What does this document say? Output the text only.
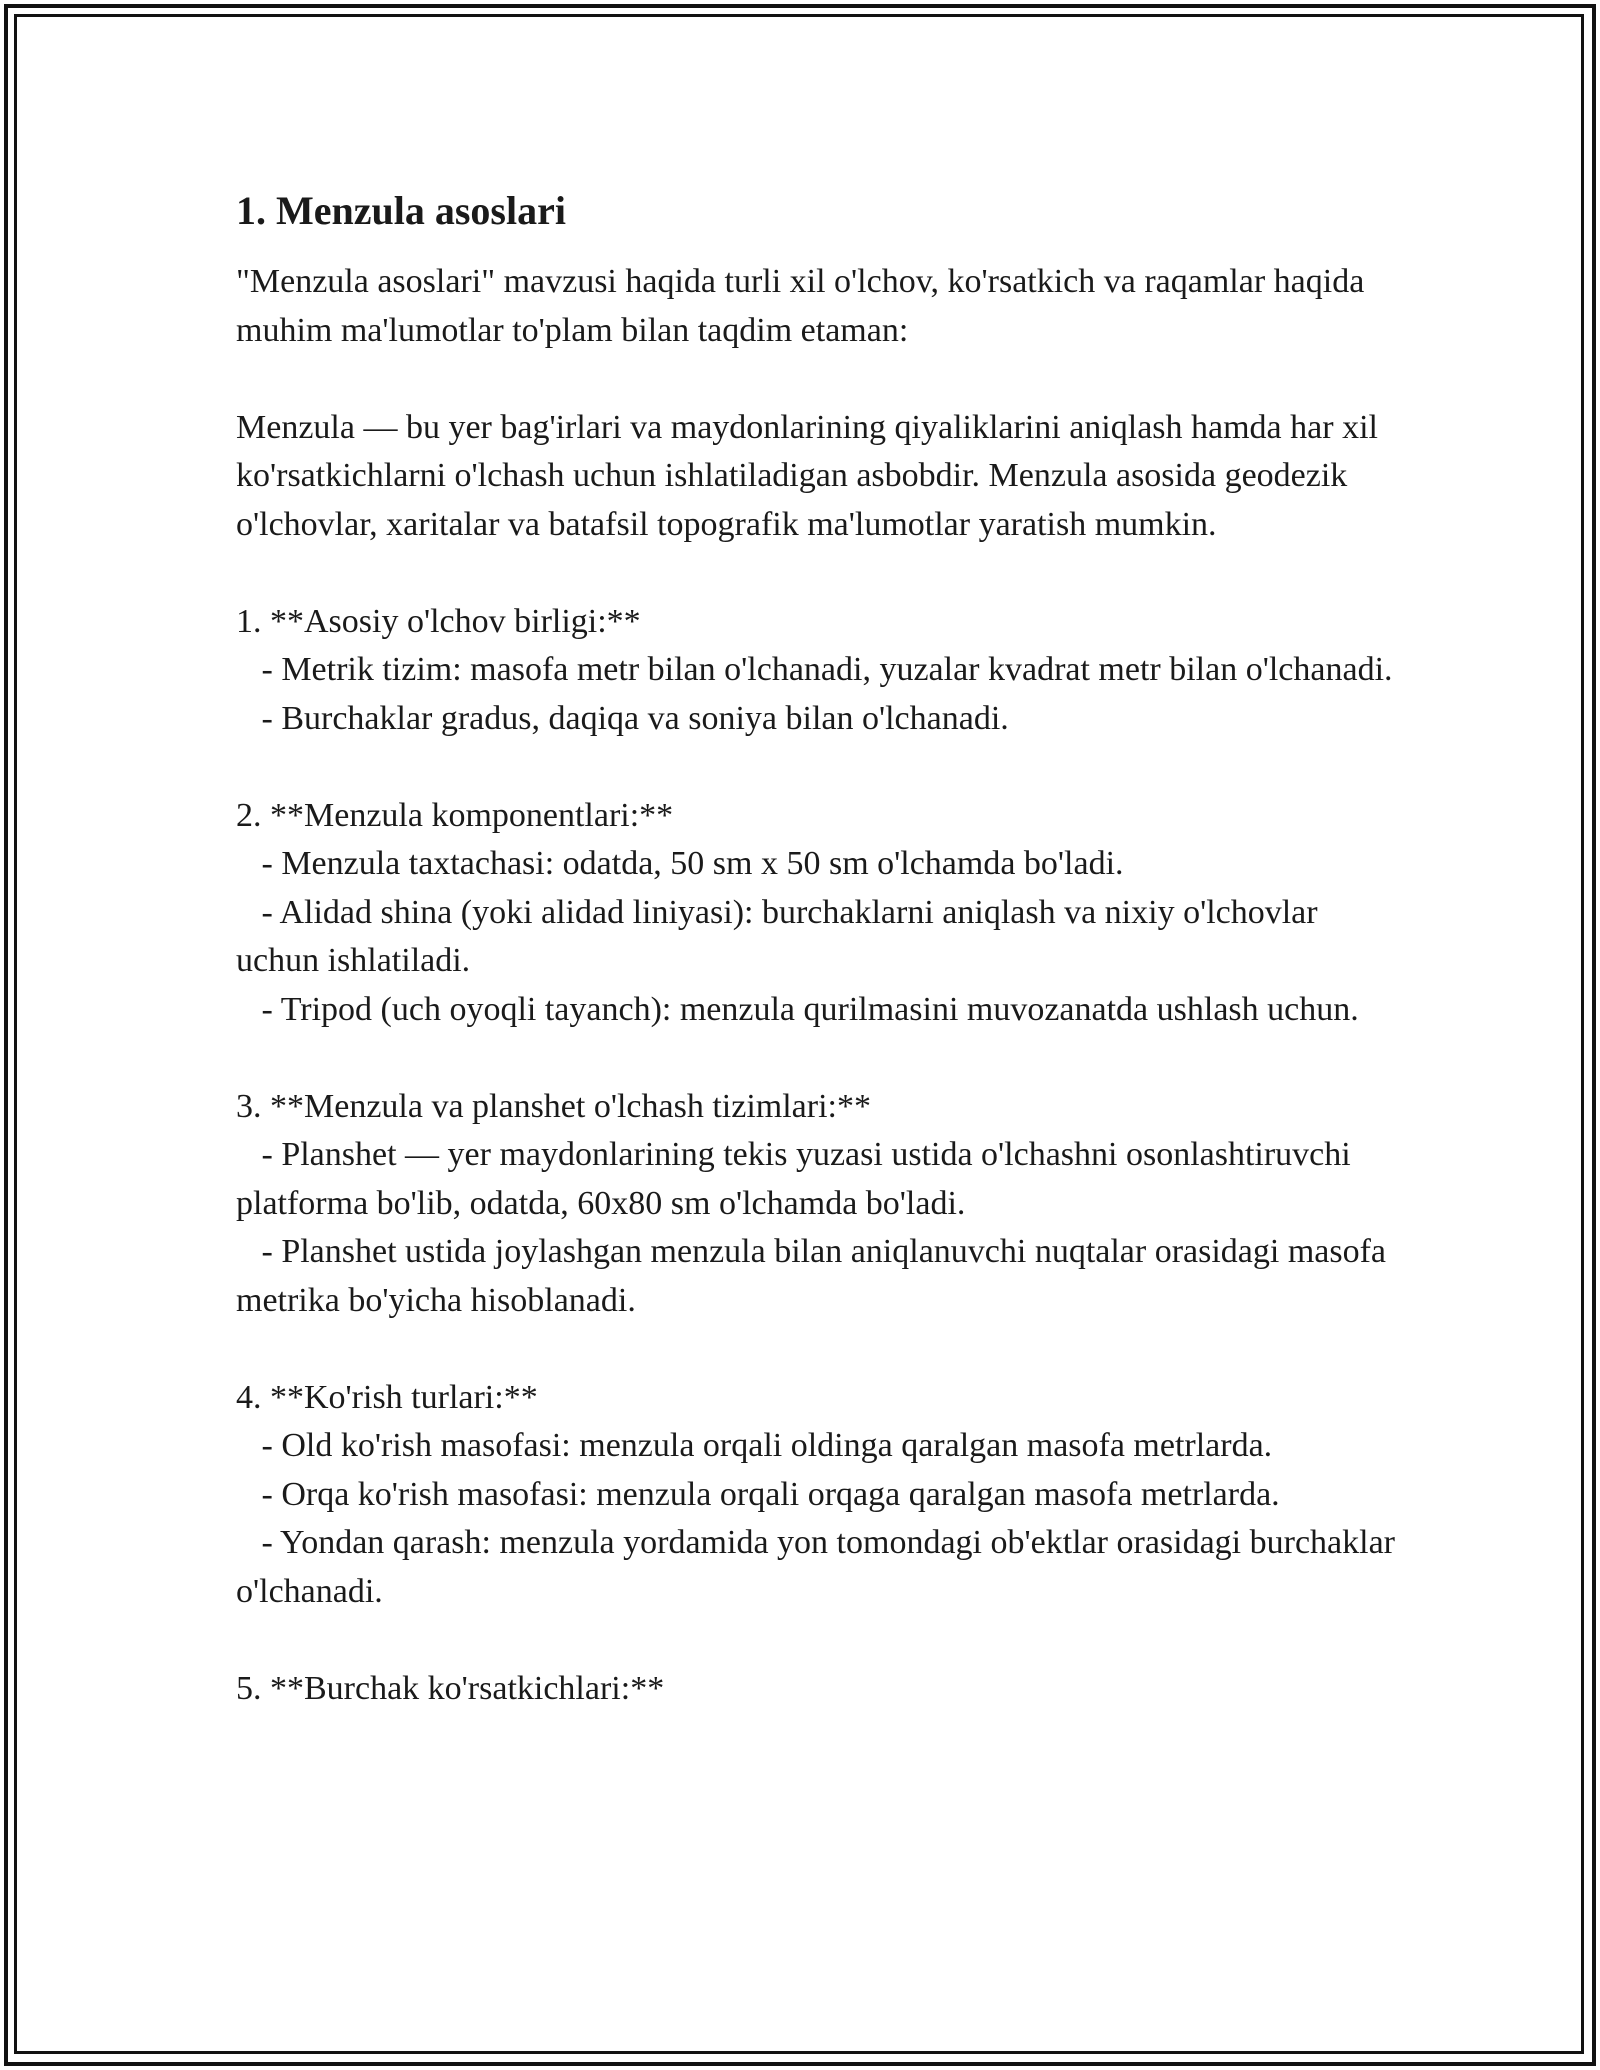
1. Menzula asoslari

"Menzula asoslari" mavzusi haqida turli xil o'lchov, ko'rsatkich va raqamlar haqida muhim ma'lumotlar to'plam bilan taqdim etaman:

Menzula — bu yer bag'irlari va maydonlarining qiyaliklarini aniqlash hamda har xil ko'rsatkichlarni o'lchash uchun ishlatiladigan asbobdir. Menzula asosida geodezik o'lchovlar, xaritalar va batafsil topografik ma'lumotlar yaratish mumkin.

1. **Asosiy o'lchov birligi:**

- Metrik tizim: masofa metr bilan o'lchanadi, yuzalar kvadrat metr bilan o'lchanadi.

- Burchaklar gradus, daqiqa va soniya bilan o'lchanadi.

2. **Menzula komponentlari:**

- Menzula taxtachasi: odatda, 50 sm x 50 sm o'lchamda bo'ladi.

- Alidad shina (yoki alidad liniyasi): burchaklarni aniqlash va nixiy o'lchovlar uchun ishlatiladi.

- Tripod (uch oyoqli tayanch): menzula qurilmasini muvozanatda ushlash uchun.

3. **Menzula va planshet o'lchash tizimlari:**

- Planshet — yer maydonlarining tekis yuzasi ustida o'lchashni osonlashtiruvchi platforma bo'lib, odatda, 60x80 sm o'lchamda bo'ladi.

- Planshet ustida joylashgan menzula bilan aniqlanuvchi nuqtalar orasidagi masofa metrika bo'yicha hisoblanadi.

4. **Ko'rish turlari:**

- Old ko'rish masofasi: menzula orqali oldinga qaralgan masofa metrlarda.

- Orqa ko'rish masofasi: menzula orqali orqaga qaralgan masofa metrlarda.

- Yondan qarash: menzula yordamida yon tomondagi ob'ektlar orasidagi burchaklar o'lchanadi.

5. **Burchak ko'rsatkichlari:**
